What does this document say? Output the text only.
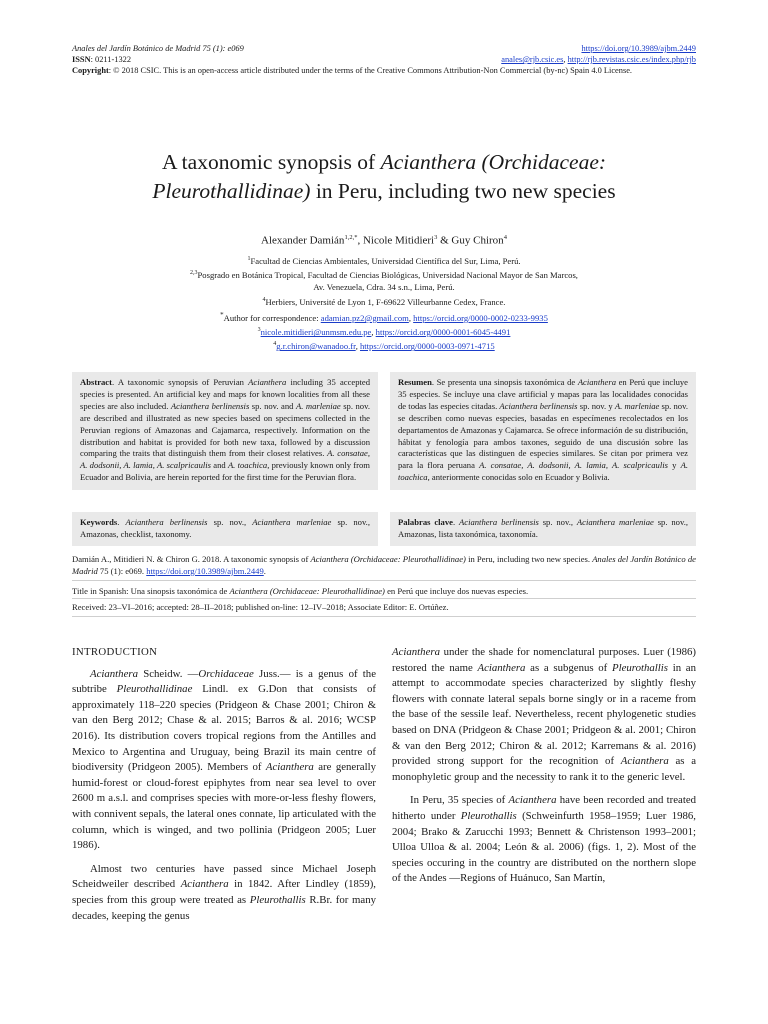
Anales del Jardín Botánico de Madrid 75 (1): e069	https://doi.org/10.3989/ajbm.2449
ISSN: 0211-1322	anales@rjb.csic.es, http://rjb.revistas.csic.es/index.php/rjb
Copyright: © 2018 CSIC. This is an open-access article distributed under the terms of the Creative Commons Attribution-Non Commercial (by-nc) Spain 4.0 License.
A taxonomic synopsis of Acianthera (Orchidaceae:
Pleurothallidinae) in Peru, including two new species
Alexander Damián$^{1,2,*}$, Nicole Mitidieri$^3$ & Guy Chiron$^4$
$^1$Facultad de Ciencias Ambientales, Universidad Científica del Sur, Lima, Perú.
$^{2,3}$Posgrado en Botánica Tropical, Facultad de Ciencias Biológicas, Universidad Nacional Mayor de San Marcos,
Av. Venezuela, Cdra. 34 s.n., Lima, Perú.
$^4$Herbiers, Université de Lyon 1, F-69622 Villeurbanne Cedex, France.
*Author for correspondence: adamian.pz2@gmail.com, https://orcid.org/0000-0002-0233-9935
$^3$nicole.mitidieri@unmsm.edu.pe, https://orcid.org/0000-0001-6045-4491
$^4$g.r.chiron@wanadoo.fr, https://orcid.org/0000-0003-0971-4715
Abstract. A taxonomic synopsis of Peruvian Acianthera including 35 accepted species is presented. An artificial key and maps for known localities from all these species are also included. Acianthera berlinensis sp. nov. and A. marleniae sp. nov. are described and illustrated as new species based on specimens collected in the Peruvian regions of Amazonas and Cajamarca, respectively. Information on the distribution and habitat is provided for both new taxa, followed by a discussion comparing the traits that distinguish them from their closest relatives. A. consatae, A. dodsonii, A. lamia, A. scalpricaulis and A. toachica, previously known only from Ecuador and Bolivia, are herein reported for the first time for the Peruvian flora.
Resumen. Se presenta una sinopsis taxonómica de Acianthera en Perú que incluye 35 especies. Se incluye una clave artificial y mapas para las localidades conocidas de todas las especies citadas. Acianthera berlinensis sp. nov. y A. marleniae sp. nov. se describen como nuevas especies, basadas en especímenes recolectados en los departamentos de Amazonas y Cajamarca. Se ofrece información de su distribución, hábitat y fenología para ambos taxones, seguido de una discusión sobre las características que las distinguen de especies similares. Se citan por primera vez para la flora peruana A. consatae, A. dodsonii, A. lamia, A. scalpricaulis y A. toachica, anteriormente conocidas solo en Ecuador y Bolivia.
Keywords. Acianthera berlinensis sp. nov., Acianthera marleniae sp. nov., Amazonas, checklist, taxonomy.
Palabras clave. Acianthera berlinensis sp. nov., Acianthera marleniae sp. nov., Amazonas, lista taxonómica, taxonomía.
Damián A., Mitidieri N. & Chiron G. 2018. A taxonomic synopsis of Acianthera (Orchidaceae: Pleurothallidinae) in Peru, including two new species. Anales del Jardín Botánico de Madrid 75 (1): e069. https://doi.org/10.3989/ajbm.2449.
Title in Spanish: Una sinopsis taxonómica de Acianthera (Orchidaceae: Pleurothallidinae) en Perú que incluye dos nuevas especies.
Received: 23–VI–2016; accepted: 28–II–2018; published on-line: 12–IV–2018; Associate Editor: E. Ortúñez.
INTRODUCTION

Acianthera Scheidw. —Orchidaceae Juss.— is a genus of the subtribe Pleurothallidinae Lindl. ex G.Don that consists of approximately 118–220 species (Pridgeon & Chase 2001; Chiron & van den Berg 2012; Chase & al. 2015; Barros & al. 2016; WCSP 2016). Its distribution covers tropical regions from the Antilles and Mexico to Argentina and Uruguay, being Brazil its main centre of biodiversity (Pridgeon 2005). Members of Acianthera are generally humid-forest or cloud-forest epiphytes from near sea level to over 2600 m a.s.l. and comprises species with more-or-less fleshy flowers, with connivent sepals, the lateral ones connate, lip articulated with the column, which is winged, and two pollinia (Pridgeon 2005; Luer 1986).

Almost two centuries have passed since Michael Joseph Scheidweiler described Acianthera in 1842. After Lindley (1859), species from this group were treated as Pleurothallis R.Br. for many decades, keeping the genus

Acianthera under the shade for nomenclatural purposes. Luer (1986) restored the name Acianthera as a subgenus of Pleurothallis in an attempt to accommodate species characterized by slightly fleshy flowers with connate lateral sepals borne singly or in a raceme from the base of the sessile leaf. Nevertheless, recent phylogenetic studies based on DNA (Pridgeon & Chase 2001; Pridgeon & al. 2001; Chiron & van den Berg 2012; Chiron & al. 2012; Karremans & al. 2016) provided strong support for the recognition of Acianthera as a monophyletic group and the necessity to rank it to the generic level.

In Peru, 35 species of Acianthera have been recorded and treated hitherto under Pleurothallis (Schweinfurth 1958–1959; Luer 1986, 2004; Brako & Zarucchi 1993; Bennett & Christenson 1993–2001; Ulloa Ulloa & al. 2004; León & al. 2006) (figs. 1, 2). Most of the species occuring in the country are distributed on the northern slope of the Andes —Regions of Huánuco, San Martín,
